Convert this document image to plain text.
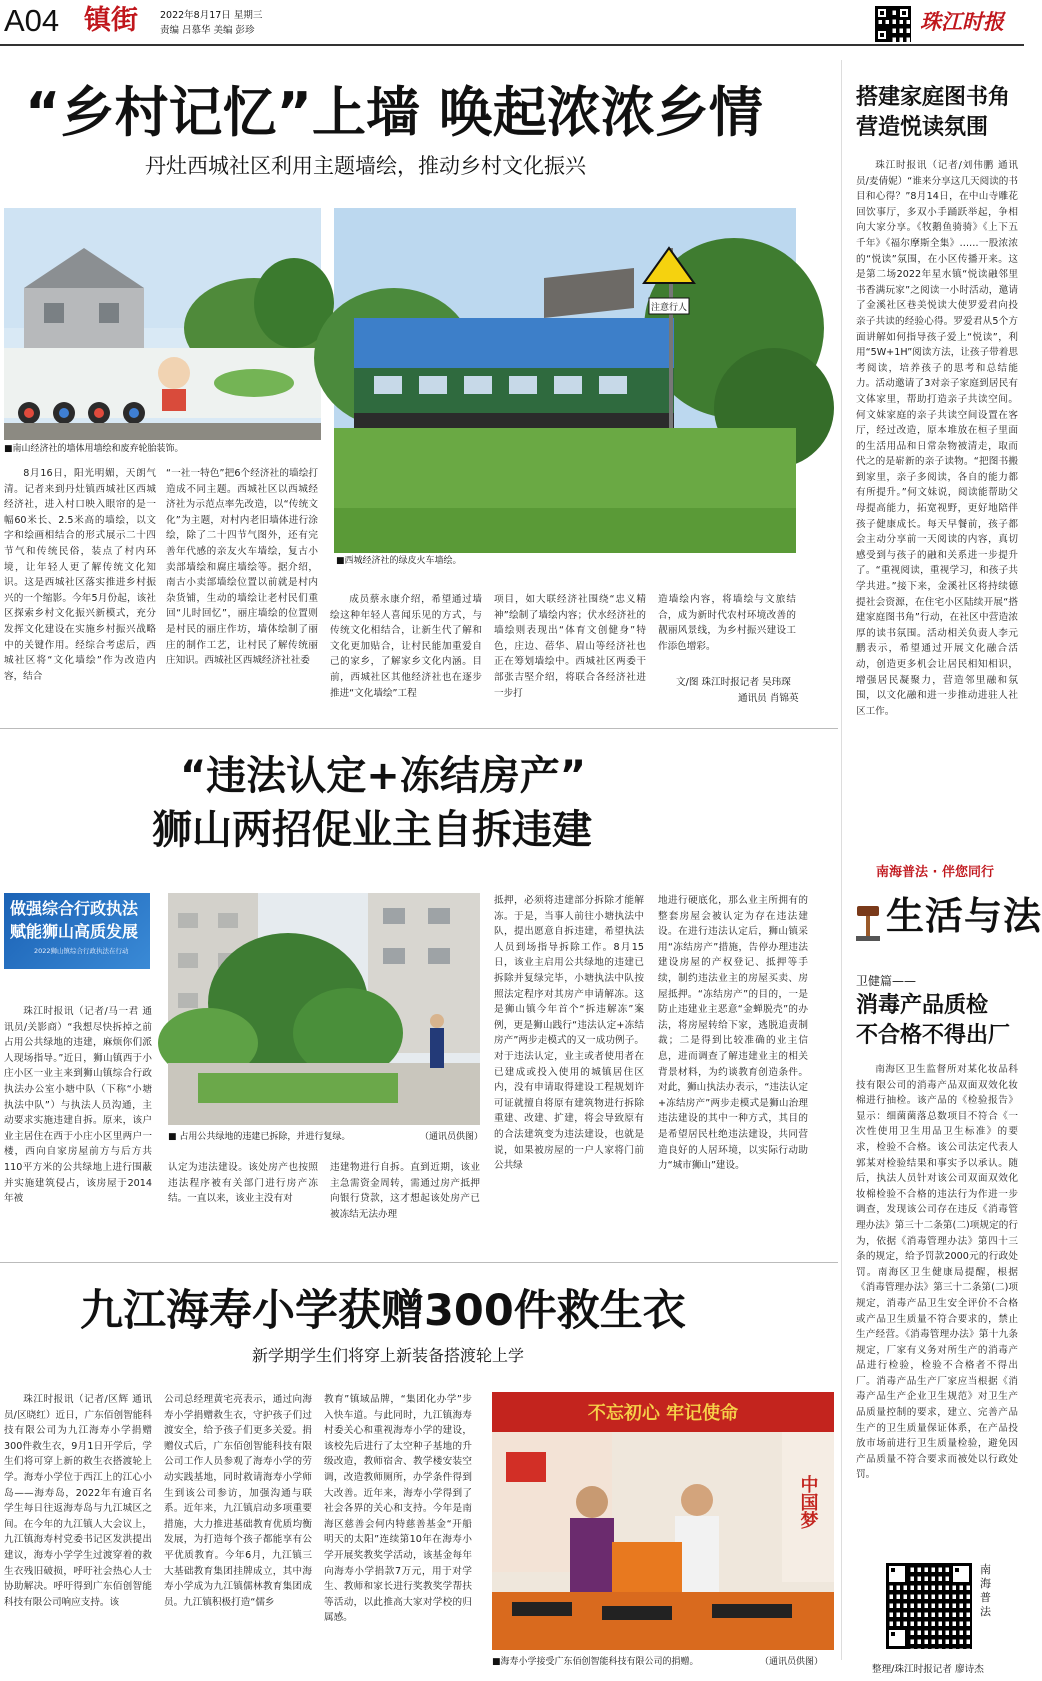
A04 镇街 2022年8月17日 星期三
责编 吕慕华 美编 彭珍	珠江时报
“乡村记忆”上墙 唤起浓浓乡情
丹灶西城社区利用主题墙绘，推动乡村文化振兴
■南山经济社的墙体用墙绘和废弃轮胎装饰。
注意行人
■西城经济社的绿皮火车墙绘。
8月16日，阳光明媚，天朗气清。记者来到丹灶镇西城社区西城经济社，进入村口映入眼帘的是一幅60米长、2.5米高的墙绘，以文字和绘画相结合的形式展示二十四节气和传统民俗，装点了村内环境，让年轻人更了解传统文化知识。这是西城社区落实推进乡村振兴的一个缩影。今年5月份起，该社区探索乡村文化振兴新模式，充分发挥文化建设在实施乡村振兴战略中的关键作用。经综合考虑后，西城社区将“文化墙绘”作为改造内容，结合
“一社一特色”把6个经济社的墙绘打造成不同主题。西城社区以西城经济社为示范点率先改造，以“传统文化”为主题，对村内老旧墙体进行涂绘，除了二十四节气图外，还有完善年代感的亲友火车墙绘，复古小卖部墙绘和腐庄墙绘等。据介绍，南古小卖部墙绘位置以前就是村内杂货铺，生动的墙绘让老村民们重回“儿时回忆”，丽庄墙绘的位置则是村民的丽庄作坊，墙体绘制了丽庄的制作工艺，让村民了解传统丽庄知识。西城社区西城经济社社委
成员蔡永康介绍，希望通过墙绘这种年轻人喜闻乐见的方式，与传统文化相结合，让新生代了解和文化更加贴合，让村民能加重爱自己的家乡，了解家乡文化内涵。目前，西城社区其他经济社也在逐步推进“文化墙绘”工程
项目，如大联经济社围绕“忠义精神”绘制了墙绘内容；伏水经济社的墙绘则表现出“体育文创健身”特色，庄边、蓓华、眉山等经济社也正在筹划墙绘中。西城社区两委干部张吉堅介绍，将联合各经济社进一步打
造墙绘内容，将墙绘与文旅结合，成为新时代农村环境改善的靓丽风景线，为乡村振兴建设工作添色增彩。
文/图 珠江时报记者 吴玮琛
通讯员 肖锦英
搭建家庭图书角
营造悦读氛围
珠江时报讯（记者/刘伟鹏 通讯员/麦倩妮）“谁来分享这几天阅读的书目和心得？”8月14日，在中山寺雕花回饮事厅，多双小手踊跃举起，争相向大家分享。《牧鹅鱼骑骑》《上下五千年》《福尔摩斯全集》……一股浓浓的“悦读”氛围，在小区传播开来。这是第二场2022年星水镇“悦读融邻里 书香满玩家”之阅读一小时活动，邀请了金溪社区巷美悦读大使罗爱君向投亲子共读的经验心得。罗爱君从5个方面讲解如何指导孩子爱上“悦读”，利用“5W+1H”阅读方法，让孩子带着思考阅读，培养孩子的思考和总结能力。活动邀请了3对亲子家庭到居民有文体家里，帮助打造亲子共读空间。何文妹家庭的亲子共读空间设置在客厅，经过改造，原本堆放在桓子里面的生活用品和日常杂物被清走，取而代之的是崭新的亲子读物。“把图书搬到家里，亲子多阅读，各自的能力都有所提升。”何文妹说，阅读能帮助父母提高能力，拓宽视野，更好地陪伴孩子健康成长。每天早餐前，孩子都会主动分享前一天阅读的内容，真切感受到与孩子的融和关系进一步提升了。“重视阅读，重视学习，和孩子共学共进。”接下来，金溪社区将持续德提社会资源，在住宅小区陆续开展“搭建家庭图书角”行动，在社区中营造浓厚的读书氛围。活动相关负责人李元鹏表示，希望通过开展文化融合活动，创造更多机会让居民相知相识，增强居民凝聚力，营造邻里融和氛围，以文化融和进一步推动进驻人社区工作。
“违法认定+冻结房产”
狮山两招促业主自拆违建
做强综合行政执法
赋能狮山高质发展
2022狮山镇综合行政执法在行动
■ 占用公共绿地的违建已拆除，并进行复绿。	（通讯员供图）
珠江时报讯（记者/马一君 通讯员/关影商）“我想尽快拆掉之前占用公共绿地的违建，麻烦你们派人现场指导。”近日，狮山镇西于小庄小区一业主来到狮山镇综合行政执法办公室小塘中队（下称“小塘执法中队”）与执法人员沟通，主动要求实施违建自拆。原来，该户业主居住在西于小庄小区里两户一楼，西向自家房屋前方与后方共110平方米的公共绿地上进行围蔽并实施建筑侵占，该房屋于2014年被
认定为违法建设。该处房产也按照违法程序被有关部门进行房产冻结。一直以来，该业主没有对
违建物进行自拆。直到近期，该业主急需资金周转，需通过房产抵押向银行贷款，这才想起该处房产已被冻结无法办理
抵押，必须将违建部分拆除才能解冻。于是，当事人前往小塘执法中队，提出愿意自拆违建，希望执法人员到场指导拆除工作。8月15日，该业主启用公共绿地的违建已拆除并复绿完毕，小塘执法中队按照法定程序对其房产申请解冻。这是狮山镇今年首个“拆违解冻”案例，更是狮山践行“违法认定+冻结房产”两步走模式的又一成功例子。对于违法认定，业主或者使用者在已建成或投入使用的城镇居住区内，没有申请取得建设工程规划许可证就擅自将原有建筑物进行拆除重建、改建、扩建，将会导致原有的合法建筑变为违法建设，也就是说，如果被房屋的一户人家将门前公共绿
地进行硬底化，那么业主所拥有的整套房屋会被认定为存在违法建设。在进行违法认定后，狮山镇采用“冻结房产”措施，告停办理违法建设房屋的产权登记、抵押等手续，制约违法业主的房屋买卖、房屋抵押。“冻结房产”的目的，一是防止违建业主恶意“金蝉脱壳”的办法，将房屋转给下家，逃脱追责制裁；二是得到比较准确的业主信息，进而调查了解违建业主的相关背景材料，为约谈教育创造条件。对此，狮山执法办表示，“违法认定+冻结房产”两步走模式是狮山治理违法建设的其中一种方式，其目的是希望居民杜绝违法建设，共同营造良好的人居环境，以实际行动助力“城市狮山”建设。
南海普法 · 伴您同行
生活与法
卫健篇——
消毒产品质检
不合格不得出厂
南海区卫生监督所对某化妆品科技有限公司的消毒产品双面双效化妆棉进行抽检。该产品的《检验报告》显示：细菌菌落总数项目不符合《一次性使用卫生用品卫生标准》的要求，检验不合格。该公司法定代表人郭某对检验结果和事实予以承认。随后，执法人员针对该公司双面双效化妆棉检验不合格的违法行为作进一步调查，发现该公司存在违反《消毒管理办法》第三十二条第(二)项规定的行为，依据《消毒管理办法》第四十三条的规定，给予罚款2000元的行政处罚。南海区卫生健康局提醒，根据《消毒管理办法》第三十二条第(二)项规定，消毒产品卫生安全评价不合格或产品卫生质量不符合要求的，禁止生产经营。《消毒管理办法》第十九条规定，厂家有义务对所生产的消毒产品进行检验，检验不合格者不得出厂。消毒产品生产厂家应当根据《消毒产品生产企业卫生规范》对卫生产品质量控制的要求，建立、完善产品生产的卫生质量保证体系，在产品投放市场前进行卫生质量检验，避免因产品质量不符合要求而被处以行政处罚。
南海普法
整理/珠江时报记者 廖诗杰
九江海寿小学获赠300件救生衣
新学期学生们将穿上新装备搭渡轮上学
珠江时报讯（记者/区辉 通讯员/区晓红）近日，广东佰创智能科技有限公司为九江海寿小学捐赠300件救生衣，9月1日开学后，学生们将可穿上新的救生衣搭渡轮上学。海寿小学位于西江上的江心小岛——海寿岛，2022年有逾百名学生每日往返海寿岛与九江城区之间。在今年的九江镇人大会议上，九江镇海寿村党委书记区发洪提出建议，海寿小学学生过渡穿着的救生衣残旧破损，呼吁社会热心人士协助解决。呼吁得到广东佰创智能科技有限公司响应支持。该
公司总经理黄宅亮表示，通过向海寿小学捐赠救生衣，守护孩子们过渡安全，给予孩子们更多关爱。捐赠仪式后，广东佰创智能科技有限公司工作人员参观了海寿小学的劳动实践基地，同时救请海寿小学师生到该公司参访，加强沟通与联系。近年来，九江镇启动多项重要措施，大力推进基础教育优质均衡发展，为打造每个孩子都能享有公平优质教育。今年6月，九江镇三大基础教育集团挂牌成立，其中海寿小学成为九江镇儒林教育集团成员。九江镇积极打造“儒乡
教育”镇域品牌，“集团化办学”步入快车道。与此同时，九江镇海寿村委关心和重视海寿小学的建设，该校先后进行了太空种子基地的升级改造，教师宿舍、教学楼安装空调，改造教师厕所，办学条件得到大改善。近年来，海寿小学得到了社会各界的关心和支持。今年是南海区慈善会何内特慈善基金“开船明天的太阳”连续第10年在海寿小学开展奖教奖学活动，该基金每年向海寿小学捐款7万元，用于对学生、教师和家长进行奖教奖学帮扶等活动，以此推高大家对学校的归属感。
不忘初心 牢记使命
中国梦
■海寿小学接受广东佰创智能科技有限公司的捐赠。	（通讯员供图）
